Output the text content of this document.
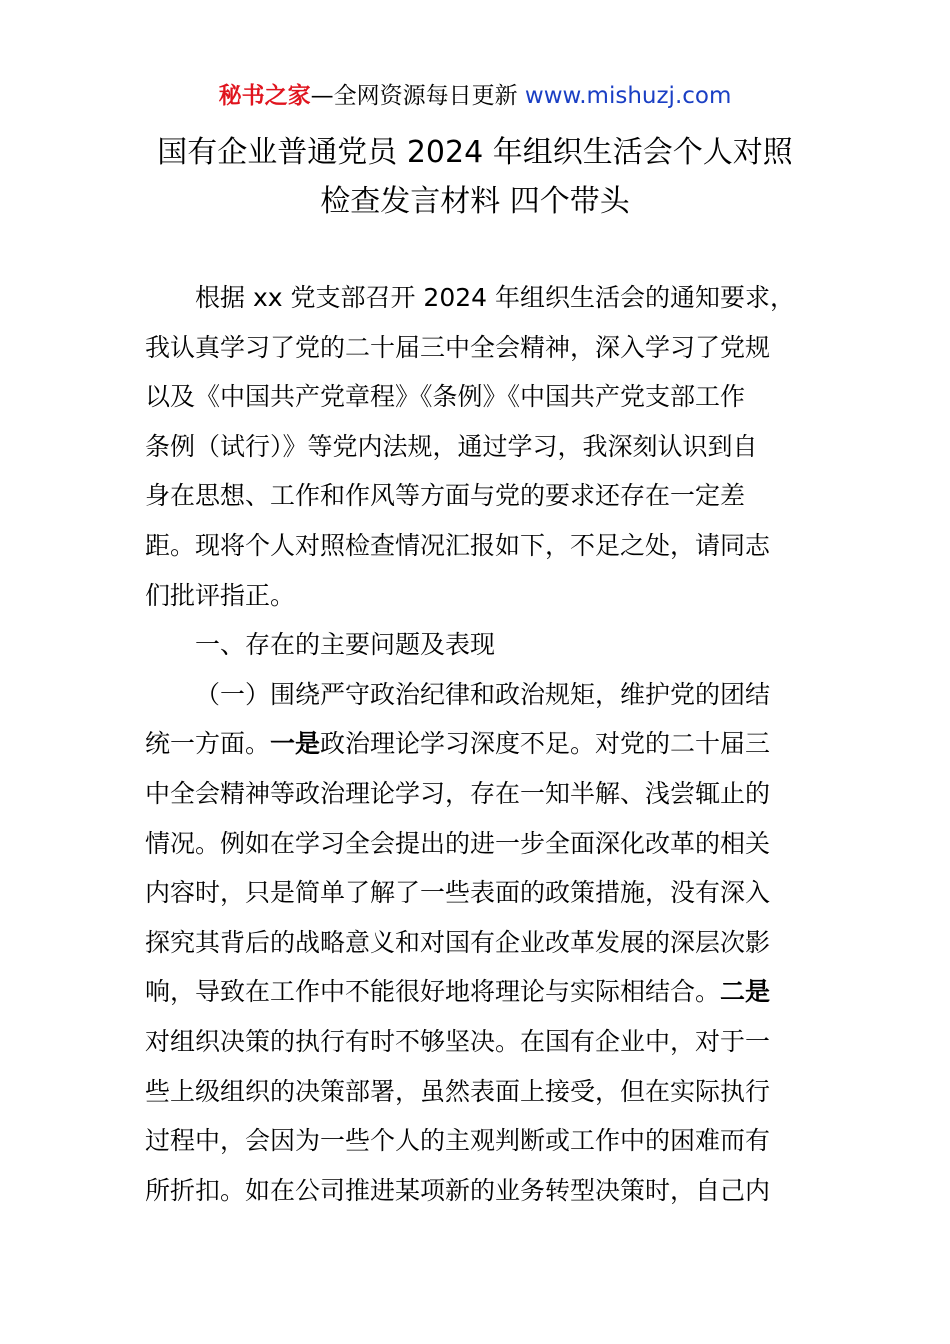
秘书之家—全网资源每日更新 www.mishuzj.com
国有企业普通党员 2024 年组织生活会个人对照
检查发言材料 四个带头
根据 xx 党支部召开 2024 年组织生活会的通知要求，
我认真学习了党的二十届三中全会精神，深入学习了党规
以及《中国共产党章程》《条例》《中国共产党支部工作
条例（试行）》等党内法规，通过学习，我深刻认识到自
身在思想、工作和作风等方面与党的要求还存在一定差
距。现将个人对照检查情况汇报如下，不足之处，请同志
们批评指正。
一、存在的主要问题及表现
（一）围绕严守政治纪律和政治规矩，维护党的团结
统一方面。一是政治理论学习深度不足。对党的二十届三
中全会精神等政治理论学习，存在一知半解、浅尝辄止的
情况。例如在学习全会提出的进一步全面深化改革的相关
内容时，只是简单了解了一些表面的政策措施，没有深入
探究其背后的战略意义和对国有企业改革发展的深层次影
响，导致在工作中不能很好地将理论与实际相结合。二是
对组织决策的执行有时不够坚决。在国有企业中，对于一
些上级组织的决策部署，虽然表面上接受，但在实际执行
过程中，会因为一些个人的主观判断或工作中的困难而有
所折扣。如在公司推进某项新的业务转型决策时，自己内
